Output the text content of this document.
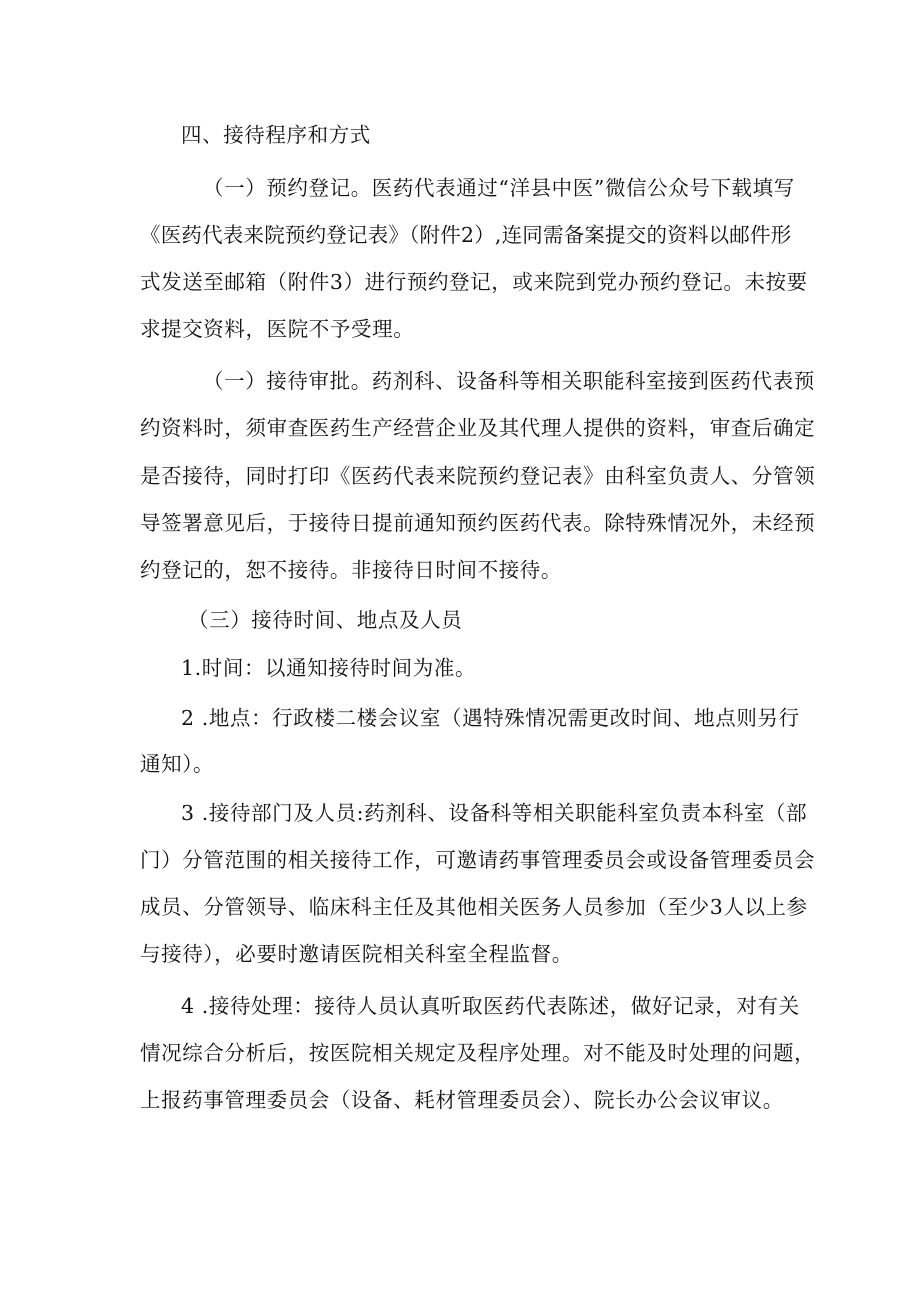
四、接待程序和方式
（一）预约登记。医药代表通过“洋县中医”微信公众号下载填写
《医药代表来院预约登记表》（附件2）,连同需备案提交的资料以邮件形
式发送至邮箱（附件3）进行预约登记，或来院到党办预约登记。未按要
求提交资料，医院不予受理。
（一）接待审批。药剂科、设备科等相关职能科室接到医药代表预
约资料时，须审查医药生产经营企业及其代理人提供的资料，审查后确定
是否接待，同时打印《医药代表来院预约登记表》由科室负责人、分管领
导签署意见后，于接待日提前通知预约医药代表。除特殊情况外，未经预
约登记的，恕不接待。非接待日时间不接待。
（三）接待时间、地点及人员
1.时间：以通知接待时间为准。
2 .地点：行政楼二楼会议室（遇特殊情况需更改时间、地点则另行
通知）。
3 .接待部门及人员:药剂科、设备科等相关职能科室负责本科室（部
门）分管范围的相关接待工作，可邀请药事管理委员会或设备管理委员会
成员、分管领导、临床科主任及其他相关医务人员参加（至少3人以上参
与接待），必要时邀请医院相关科室全程监督。
4 .接待处理：接待人员认真听取医药代表陈述，做好记录，对有关
情况综合分析后，按医院相关规定及程序处理。对不能及时处理的问题，
上报药事管理委员会（设备、耗材管理委员会）、院长办公会议审议。
